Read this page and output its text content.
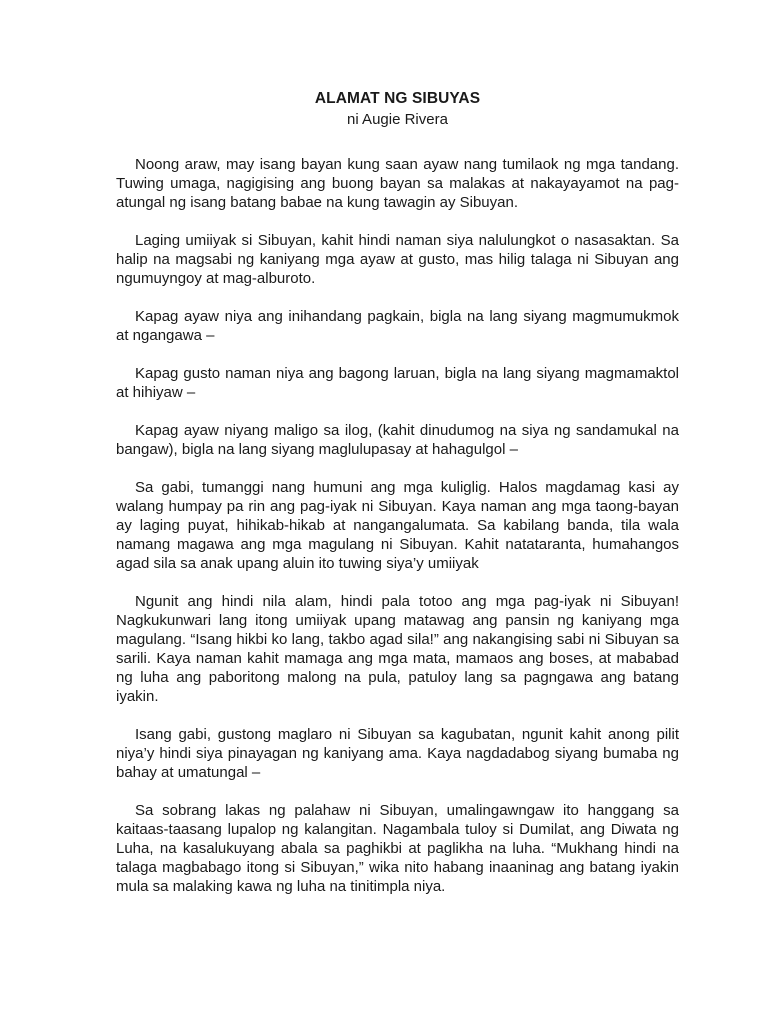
ALAMAT NG SIBUYAS

ni Augie Rivera

Noong araw, may isang bayan kung saan ayaw nang tumilaok ng mga tandang. Tuwing umaga, nagigising ang buong bayan sa malakas at nakayayamot na pag-atungal ng isang batang babae na kung tawagin ay Sibuyan.

Laging umiiyak si Sibuyan, kahit hindi naman siya nalulungkot o nasasaktan. Sa halip na magsabi ng kaniyang mga ayaw at gusto, mas hilig talaga ni Sibuyan ang ngumuyngoy at mag-alburoto.

Kapag ayaw niya ang inihandang pagkain, bigla na lang siyang magmumukmok at ngangawa –

Kapag gusto naman niya ang bagong laruan, bigla na lang siyang magmamaktol at hihiyaw –

Kapag ayaw niyang maligo sa ilog, (kahit dinudumog na siya ng sandamukal na bangaw), bigla na lang siyang maglulupasay at hahagulgol –

Sa gabi, tumanggi nang humuni ang mga kuliglig. Halos magdamag kasi ay walang humpay pa rin ang pag-iyak ni Sibuyan. Kaya naman ang mga taong-bayan ay laging puyat, hihikab-hikab at nangangalumata. Sa kabilang banda, tila wala namang magawa ang mga magulang ni Sibuyan. Kahit natataranta, humahangos agad sila sa anak upang aluin ito tuwing siya’y umiiyak

Ngunit ang hindi nila alam, hindi pala totoo ang mga pag-iyak ni Sibuyan! Nagkukunwari lang itong umiiyak upang matawag ang pansin ng kaniyang mga magulang. “Isang hikbi ko lang, takbo agad sila!” ang nakangising sabi ni Sibuyan sa sarili. Kaya naman kahit mamaga ang mga mata, mamaos ang boses, at mababad ng luha ang paboritong malong na pula, patuloy lang sa pagngawa ang batang iyakin.

Isang gabi, gustong maglaro ni Sibuyan sa kagubatan, ngunit kahit anong pilit niya’y hindi siya pinayagan ng kaniyang ama. Kaya nagdadabog siyang bumaba ng bahay at umatungal –

Sa sobrang lakas ng palahaw ni Sibuyan, umalingawngaw ito hanggang sa kaitaas-taasang lupalop ng kalangitan. Nagambala tuloy si Dumilat, ang Diwata ng Luha, na kasalukuyang abala sa paghikbi at paglikha na luha. “Mukhang hindi na talaga magbabago itong si Sibuyan,” wika nito habang inaaninag ang batang iyakin mula sa malaking kawa ng luha na tinitimpla niya.
